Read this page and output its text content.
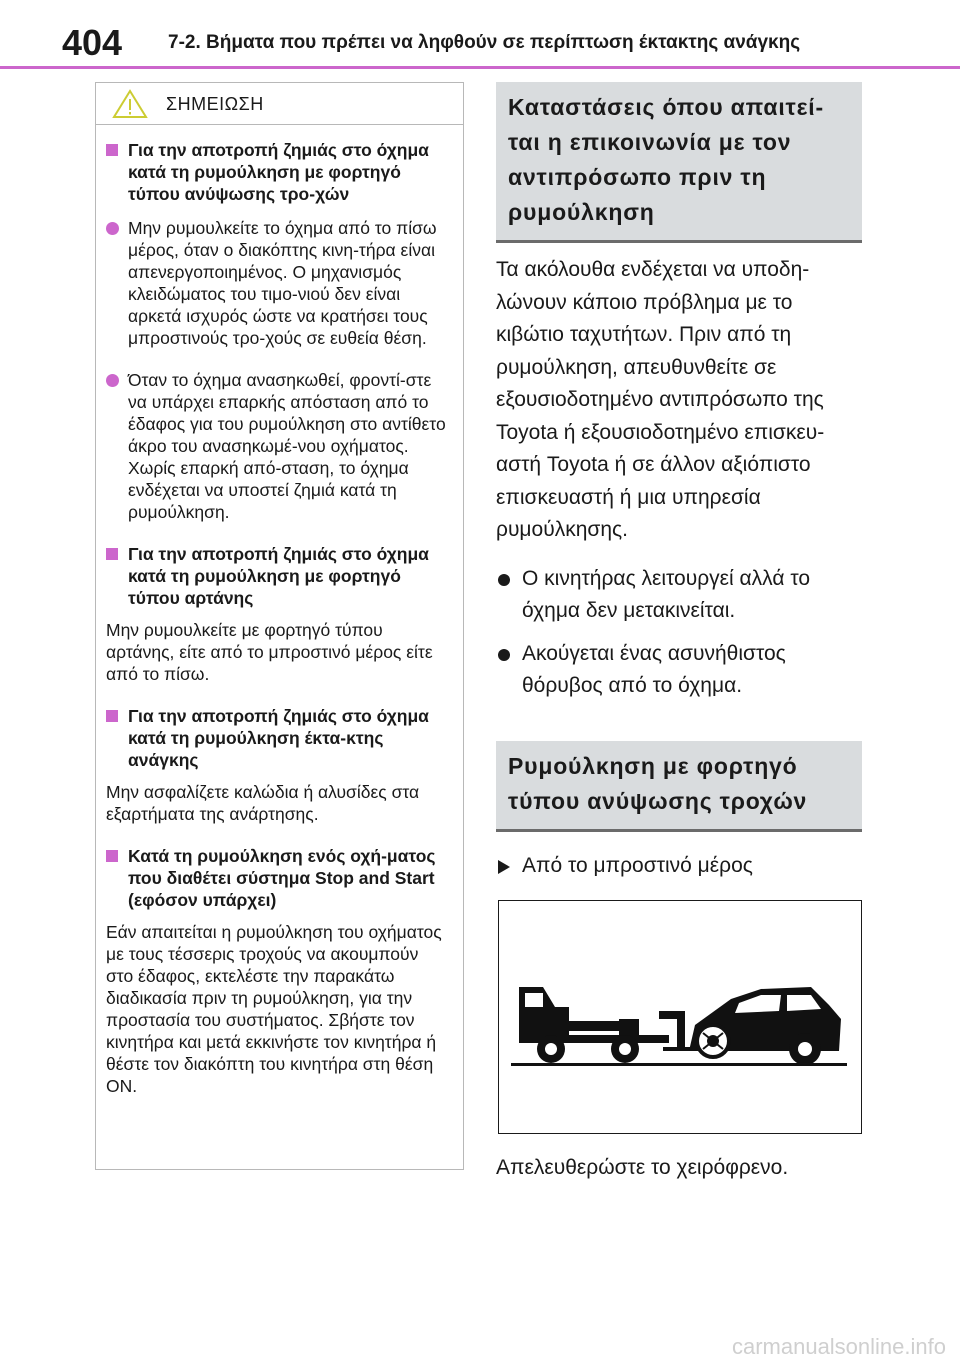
404 7-2. Βήματα που πρέπει να ληφθούν σε περίπτωση έκτακτης ανάγκης
ΣΗΜΕΙΩΣΗ
Για την αποτροπή ζημιάς στο όχημα κατά τη ρυμούλκηση με φορτηγό τύπου ανύψωσης τρο-χών
Μην ρυμουλκείτε το όχημα από το πίσω μέρος, όταν ο διακόπτης κινη-τήρα είναι απενεργοποιημένος. Ο μηχανισμός κλειδώματος του τιμο-νιού δεν είναι αρκετά ισχυρός ώστε να κρατήσει τους μπροστινούς τρο-χούς σε ευθεία θέση.
Όταν το όχημα ανασηκωθεί, φροντί-στε να υπάρχει επαρκής απόσταση από το έδαφος για του ρυμούλκηση στο αντίθετο άκρο του ανασηκωμέ-νου οχήματος. Χωρίς επαρκή από-σταση, το όχημα ενδέχεται να υποστεί ζημιά κατά τη ρυμούλκηση.
Για την αποτροπή ζημιάς στο όχημα κατά τη ρυμούλκηση με φορτηγό τύπου αρτάνης
Μην ρυμουλκείτε με φορτηγό τύπου αρτάνης, είτε από το μπροστινό μέρος είτε από το πίσω.
Για την αποτροπή ζημιάς στο όχημα κατά τη ρυμούλκηση έκτα-κτης ανάγκης
Μην ασφαλίζετε καλώδια ή αλυσίδες στα εξαρτήματα της ανάρτησης.
Κατά τη ρυμούλκηση ενός οχή-ματος που διαθέτει σύστημα Stop and Start (εφόσον υπάρχει)
Εάν απαιτείται η ρυμούλκηση του οχήματος με τους τέσσερις τροχούς να ακουμπούν στο έδαφος, εκτελέστε την παρακάτω διαδικασία πριν τη ρυμούλκηση, για την προστασία του συστήματος. Σβήστε τον κινητήρα και μετά εκκινήστε τον κινητήρα ή θέστε τον διακόπτη του κινητήρα στη θέση ON.
Καταστάσεις όπου απαιτεί-ται η επικοινωνία με τον αντιπρόσωπο πριν τη ρυμούλκηση
Τα ακόλουθα ενδέχεται να υποδη-λώνουν κάποιο πρόβλημα με το κιβώτιο ταχυτήτων. Πριν από τη ρυμούλκηση, απευθυνθείτε σε εξουσιοδοτημένο αντιπρόσωπο της Toyota ή εξουσιοδοτημένο επισκευ-αστή Toyota ή σε άλλον αξιόπιστο επισκευαστή ή μια υπηρεσία ρυμούλκησης.
Ο κινητήρας λειτουργεί αλλά το όχημα δεν μετακινείται.
Ακούγεται ένας ασυνήθιστος θόρυβος από το όχημα.
Ρυμούλκηση με φορτηγό τύπου ανύψωσης τροχών
Από το μπροστινό μέρος
Απελευθερώστε το χειρόφρενο.
carmanualsonline.info
